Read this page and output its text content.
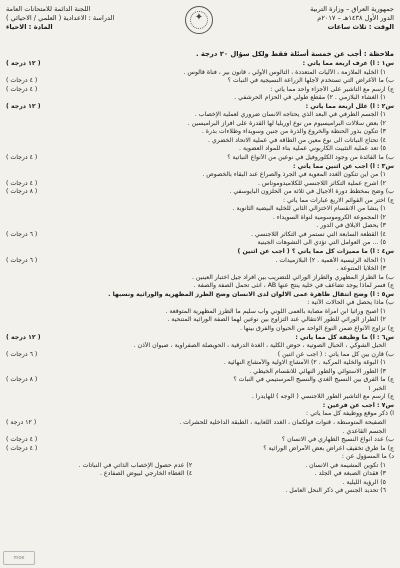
جمهورية العراق – وزارة التربية
الدور الأول ١٤٣٨هـ – ٢٠١٧م
الوقت : ثلاث ساعات
✦
اللجنة الدائمة للامتحانات العامة
الدراسة : الاعدادية ( العلمي / الاحيائي )
المادة : الاحياء
ملاحظة : أجب عن خمسة أسئلة فقط ولكل سؤال ٢٠ درجة .
س١ : أ) عرف أربعة مما يأتي :
( ١٢ درجة )
١) الخلية الملازمة ، الآليات المتعددة ، التالوس الأولي ، قانون بير ، فناة قالوس .
ب) ما الأغراض التي تستخدم لأجلها الزراعة النسيجية في النبات ؟
( ٤ درجات )
ج) ارسم مع التأشير على الأجزاء واحد مما يأتي :
( ٤ درجات )
١) الغشاء البلازمي . ٢) مقطع طولي في الحزام الحرشفي .
س٢ : أ) علل أربعة مما يأتي :
( ١٢ درجة )
١) الجسم الطرفي في البعد الذي يحتاجه الانسان ضروري لعملية الإخصاب .
٢) بعض سلالات البراميسيوم من نوع اوريليا لها القدرة على افراز البراميسين .
٣) تتكون بذور الحنطة والخروع والذرة من جنين وسويداء وطلاءات بذرة .
٤) تحتاج النباتات الى نوع معين من الطاقة في عملية الاتحاد الخضري .
٥) تعد عملية التثبيت الكاربوني عملية بناء للمواد العضوية .
ب) ما الفائدة من وجود الكلوروفيل في نوعين من الأنواع النباتية ؟
( ٤ درجات )
س٣ : أ) أجب عن اثنين مما يأتي :
١) من أين تتكون الغدد المعوية في الجرذ والصراع عند البقاء بالخصوص .
٢) اشرح عملية التكاثر اللاجنسي للكلاميدوموناس .
( ٤ درجات )
ب) وضح بمخطط دورة الاجيال في ثلاثة من الحلزون البايوسفي .
( ٨ درجات )
ج) اختر من القوائم الاربع عبارات مما يأتي :
١) ينشأ من الانقسام الاختزالي الثاني للخلية البيضية الثانوية .
٢) المجموعة الكروموسومية لنواة السويداء .
٣) يحصل الايلاق في الدور .
٤) القطعة السابعة التي تستمر في التكاثر اللاجنسي .
( ٦ درجات )
٥) ... من العوامل التي تؤدي الى التشوهات الجينية
س٤ : أ) ما مميزات كل مما يأتي ؟ ( أجب عن اثنين )
١) الحالة الرئيسية الأهمية . ٢) البلازميدات .
( ٦ درجات )
٣) الخلايا المتنوعة .
ب) ما الطراز المظهري والطراز الوراثي للتضريب بين أفراد جيل اختبار العينين .
ج) فسر لماذا يوجد تضاعف في خلية ينتج عنها AB ، انثى تحمل الصفة والصفة .
س٥ : أ) وضح انتقال ظاهرة عمى الالوان لدى الانسان وضح الطرز المظهرية والوراثية ونسبها .
ب) ماذا يحصل في الحالات الآتية :
١) أصبح وراثياً ابن امرأة مصابة بالعمى اللوني وأب سليم ما الطرز المظهرية المتوقعة .
٢) الطراز الوراثي للطور الانتقالي عند التزاوج بين نوعين لهما الصفة الوراثية المتنحية .
ج) تزاوج الأنواع ضمن النوع الواحد من الحيوان والفرق بينها .
س٦ : أ) ما وظيفة كل مما يأتي :
( ١٢ درجة )
الحبل الشوكي ، الحبال الصوتية ، حوض الكلية ، الغدة الدرقية ، الحويصلة الصفراوية ، صيوان الأذن .
ب) قارن بين كل مما يأتي : ( أجب عن اثنين )
( ٦ درجات )
١) البوغة والخلية المركبة . ٢) الأمشاج الاولية والأمشاج النهائية .
٣) الطور الاستوائي والطور النهائي للانقسام الخيطي .
ج) ما الفرق بين النسيج الغدي والنسيج المرستيمي في النبات ؟
( ٨ درجات )
الخبر ١
ج) ارسم مع التأشير الطور اللاجنسي ( الوجه ) للهايدرا .
س٧ : أجب عن فرعين :
أ) ذكر موقع ووظيفة كل مما يأتي :
الصفيحة المتوسطة ، قنوات فولكمان ، الغدد اللعابية ، الطبقة الداخلية للحشرات .
( ١٢ درجة )
الجسم القاعدي .
ب) عدد أنواع النسيج الظهاري في الانسان ؟
( ٤ درجات )
ج) ما طرق تخفيف أعراض بعض الأمراض الوراثية ؟
( ٤ درجات )
د) ما المسؤول عن :
١) تكوين المشيمة في الانسان .
٢) عدم حصول الإخصاب الذاتي في النباتات .
٣) فقدان الصبغة في الجلد .
٤) الغطاء الخارجي لبيوض الصفادع .
٥) الرؤية الليلية .
٦) تحديد الجنس في ذكر النحل العامل .
moe
